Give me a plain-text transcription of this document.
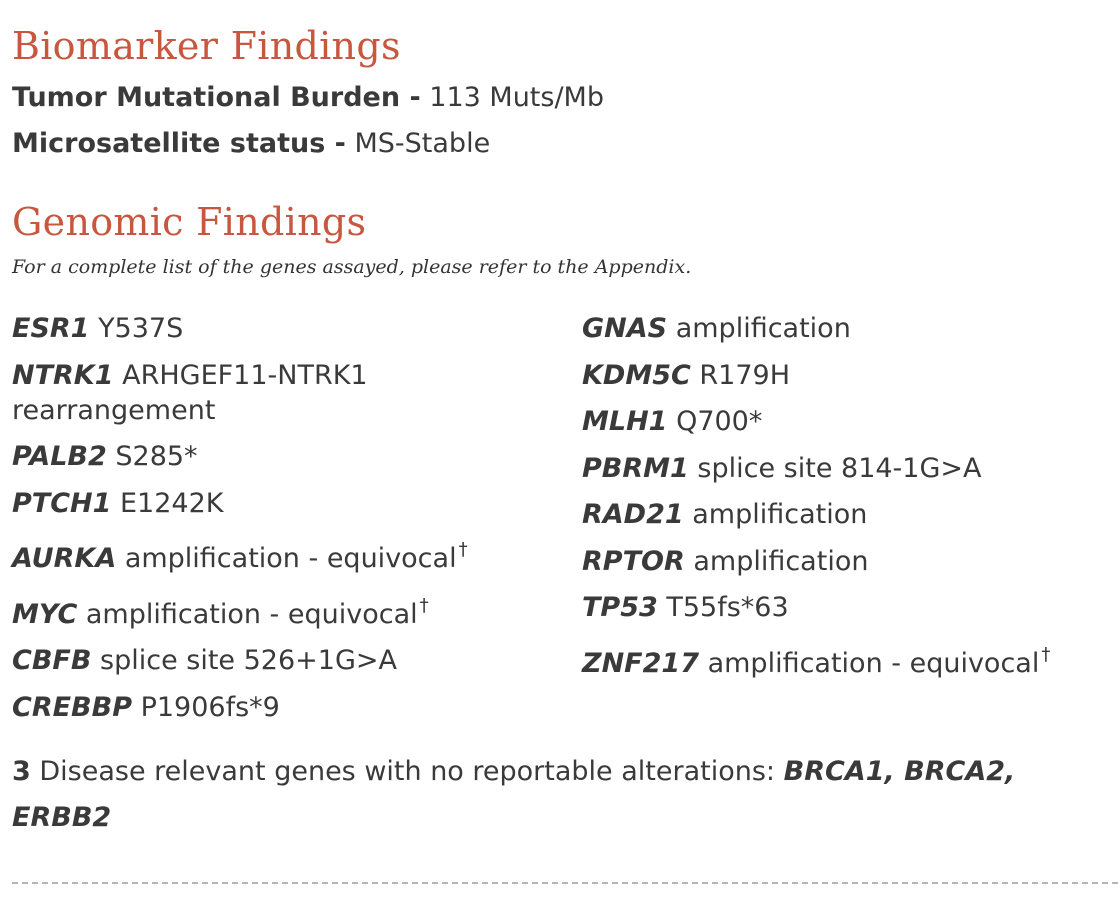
Biomarker Findings
Tumor Mutational Burden - 113 Muts/Mb
Microsatellite status - MS-Stable
Genomic Findings
For a complete list of the genes assayed, please refer to the Appendix.
ESR1 Y537S
NTRK1 ARHGEF11-NTRK1 rearrangement
PALB2 S285*
PTCH1 E1242K
AURKA amplification - equivocal †
MYC amplification - equivocal †
CBFB splice site 526+1G>A
CREBBP P1906fs*9
GNAS amplification
KDM5C R179H
MLH1 Q700*
PBRM1 splice site 814-1G>A
RAD21 amplification
RPTOR amplification
TP53 T55fs*63
ZNF217 amplification - equivocal †
3 Disease relevant genes with no reportable alterations: BRCA1, BRCA2, ERBB2
